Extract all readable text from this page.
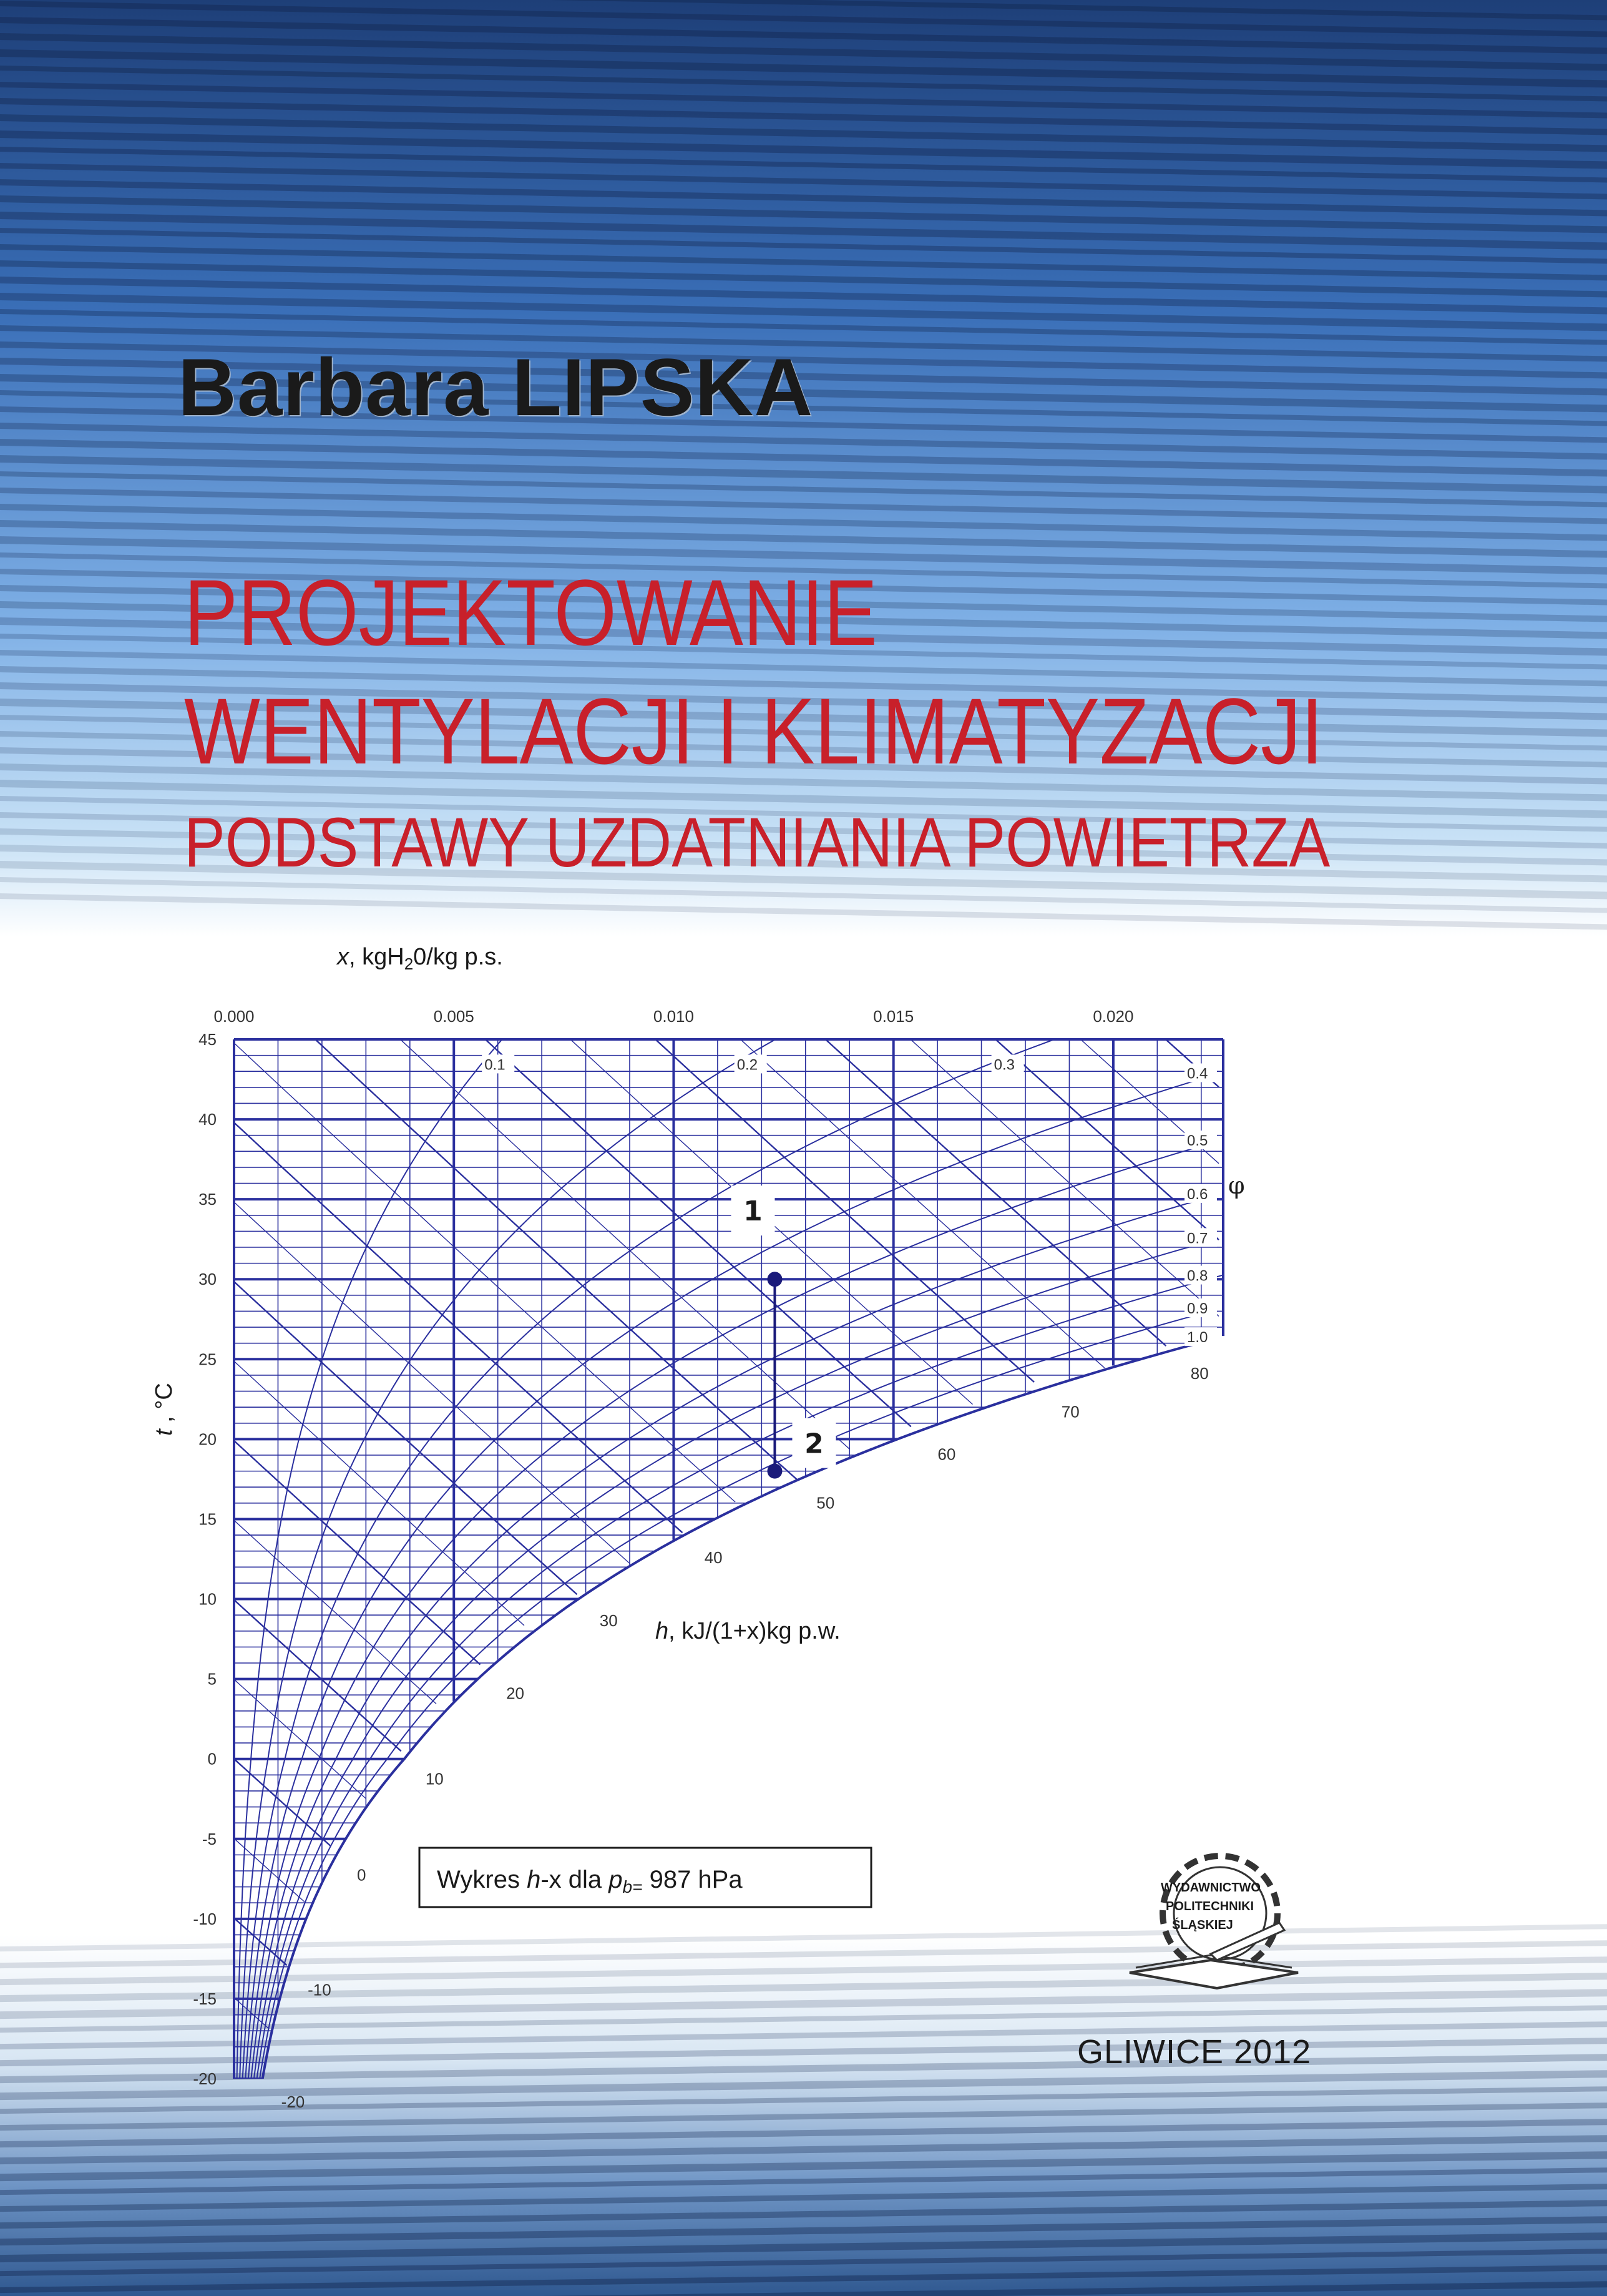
Barbara LIPSKA
PROJEKTOWANIE
WENTYLACJI I KLIMATYZACJI
PODSTAWY UZDATNIANIA POWIETRZA
0.000	0.005	0.010	0.015	0.020
-20
-15
-10
-5
0
5
10
15
20
25
30
35
40
45
-20
-10
0
10
20
30
40
50
60
70
80
0.1	0.2	0.3
0.4
0.5
0.6
0.7
0.8
0.9
1.0
1
2
x, kgH$_2$0/kg p.s.
t , °C
h, kJ/(1+x)kg p.w.
φ
Wykres h-x dla $p_{b=}$ 987 hPa	WYDAWNICTWO
POLITECHNIKI
ŚLĄSKIEJ
GLIWICE 2012
